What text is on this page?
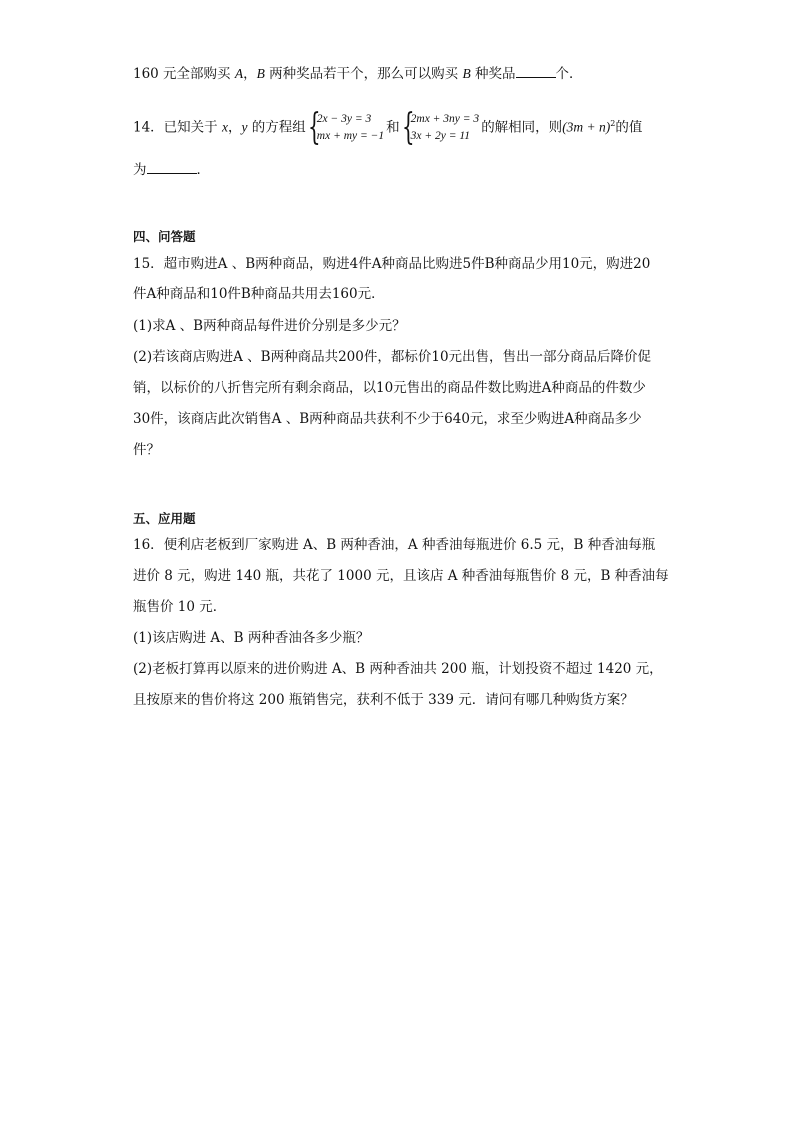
160 元全部购买 A，B 两种奖品若干个，那么可以购买 B 种奖品	个．
14．已知关于 x，y 的方程组 {
2x − 3y = 3
mx + my = −1
和 {
2mx + 3ny = 3
3x + 2y = 11
的解相同，则$(3m + n)^2$的值
为	．
四、问答题
15．超市购进A 、B两种商品，购进4件A种商品比购进5件B种商品少用10元，购进20
件A种商品和10件B种商品共用去160元．
(1)求A 、B两种商品每件进价分别是多少元？
(2)若该商店购进A 、B两种商品共200件，都标价10元出售，售出一部分商品后降价促
销，以标价的八折售完所有剩余商品，以10元售出的商品件数比购进A种商品的件数少
30件，该商店此次销售A 、B两种商品共获利不少于640元，求至少购进A种商品多少
件？
五、应用题
16．便利店老板到厂家购进 A、B 两种香油，A 种香油每瓶进价 6.5 元，B 种香油每瓶
进价 8 元，购进 140 瓶，共花了 1000 元，且该店 A 种香油每瓶售价 8 元，B 种香油每
瓶售价 10 元．
(1)该店购进 A、B 两种香油各多少瓶？
(2)老板打算再以原来的进价购进 A、B 两种香油共 200 瓶，计划投资不超过 1420 元，
且按原来的售价将这 200 瓶销售完，获利不低于 339 元．请问有哪几种购货方案？
